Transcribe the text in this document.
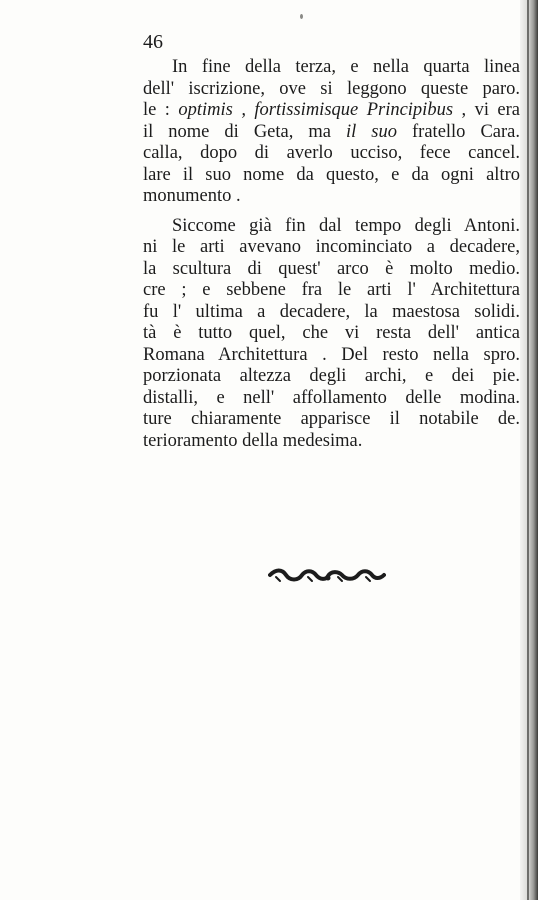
46
In fine della terza, e nella quarta linea
dell' iscrizione, ove si leggono queste paro.
le : optimis , fortissimisque Principibus , vi era
il nome di Geta, ma il suo fratello Cara.
calla, dopo di averlo ucciso, fece cancel.
lare il suo nome da questo, e da ogni altro
monumento .
Siccome già fin dal tempo degli Antoni.
ni le arti avevano incominciato a decadere,
la scultura di quest' arco è molto medio.
cre ; e sebbene fra le arti l' Architettura
fu l' ultima a decadere, la maestosa solidi.
tà è tutto quel, che vi resta dell' antica
Romana Architettura . Del resto nella spro.
porzionata altezza degli archi, e dei pie.
distalli, e nell' affollamento delle modina.
ture chiaramente apparisce il notabile de.
terioramento della medesima.
